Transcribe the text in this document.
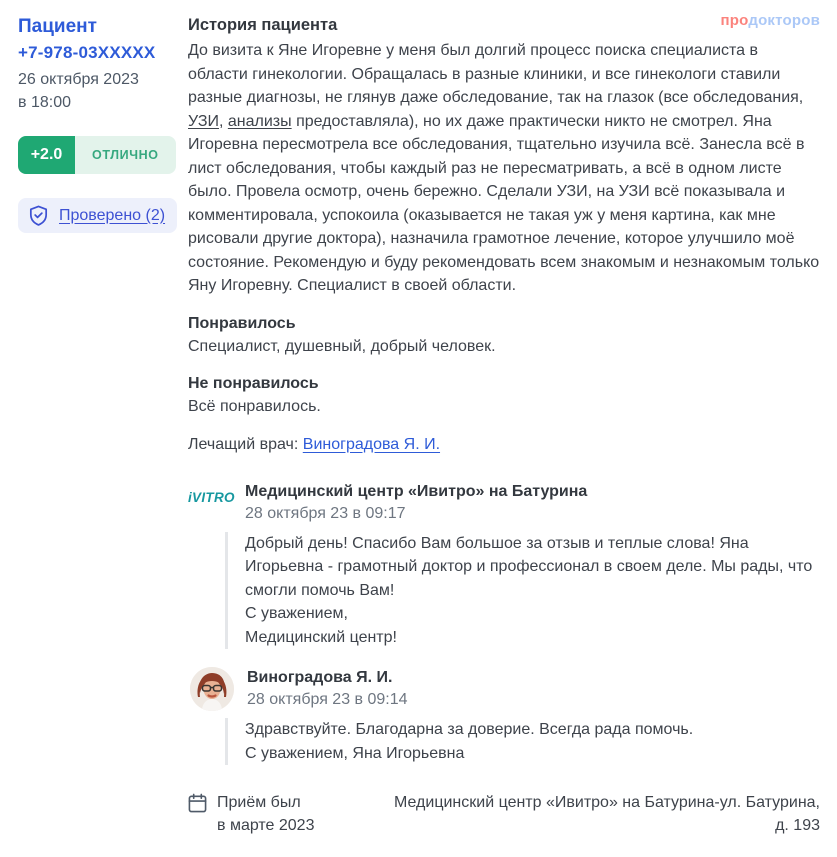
Пациент
+7-978-03XXXXX
26 октября 2023
в 18:00
+2.0	ОТЛИЧНО

Проверено (2)
продокторов
История пациента

До визита к Яне Игоревне у меня был долгий процесс поиска специалиста в области гинекологии. Обращалась в разные клиники, и все гинекологи ставили разные диагнозы, не глянув даже обследование, так на глазок (все обследования, УЗИ, анализы предоставляла), но их даже практически никто не смотрел. Яна Игоревна пересмотрела все обследования, тщательно изучила всё. Занесла всё в лист обследования, чтобы каждый раз не пересматривать, а всё в одном листе было. Провела осмотр, очень бережно. Сделали УЗИ, на УЗИ всё показывала и комментировала, успокоила (оказывается не такая уж у меня картина, как мне рисовали другие доктора), назначила грамотное лечение, которое улучшило моё состояние. Рекомендую и буду рекомендовать всем знакомым и незнакомым только Яну Игоревну. Специалист в своей области.

Понравилось
Специалист, душевный, добрый человек.
Не понравилось
Всё понравилось.
Лечащий врач: Виноградова Я. И.
iVITRO Медицинский центр «Ивитро» на Батурина
28 октября 23 в 09:17
Добрый день! Спасибо Вам большое за отзыв и теплые слова! Яна Игорьевна - грамотный доктор и профессионал в своем деле. Мы рады, что смогли помочь Вам!
С уважением,
Медицинский центр!
Виноградова Я. И.
28 октября 23 в 09:14
Здравствуйте. Благодарна за доверие. Всегда рада помочь.
С уважением, Яна Игорьевна
Приём был
в марте 2023
Медицинский центр «Ивитро» на Батурина-ул. Батурина, д. 193
